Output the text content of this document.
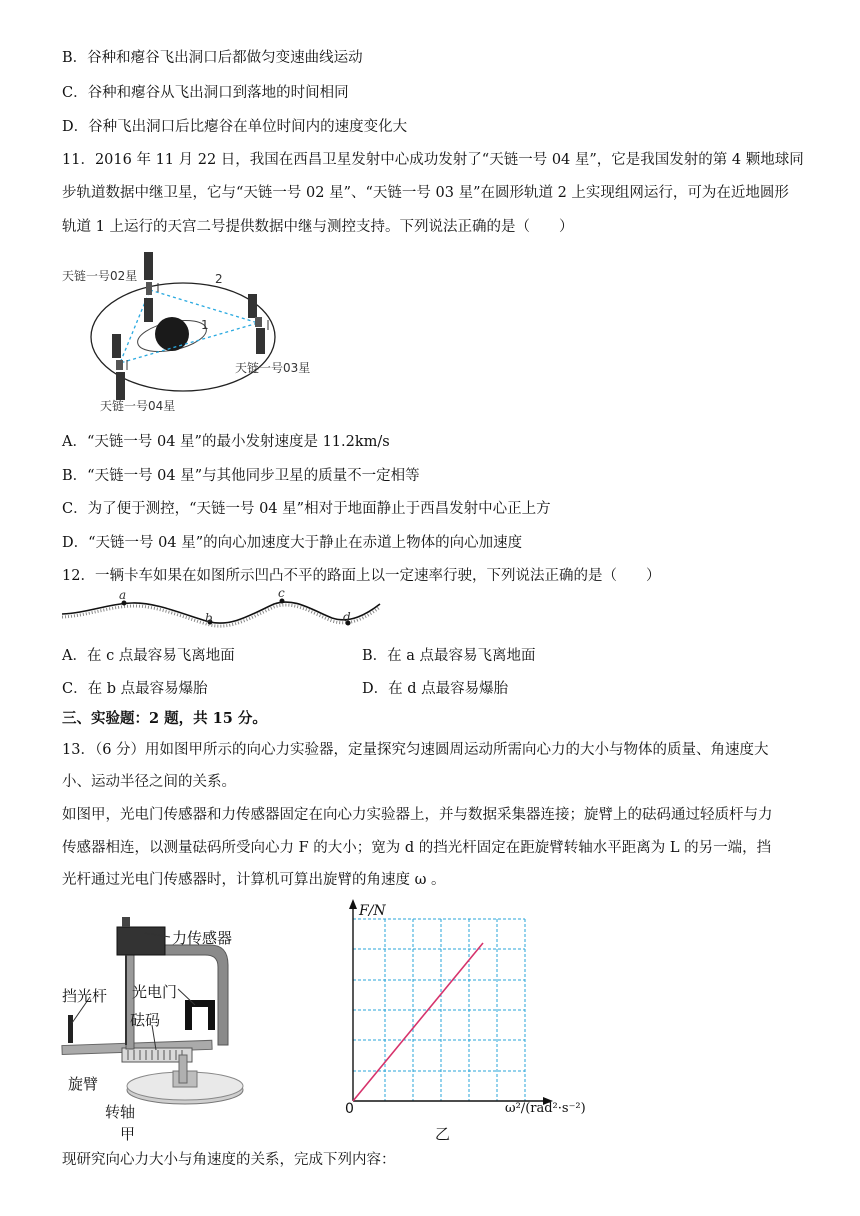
B．谷种和瘪谷飞出洞口后都做匀变速曲线运动
C．谷种和瘪谷从飞出洞口到落地的时间相同
D．谷种飞出洞口后比瘪谷在单位时间内的速度变化大
11．2016 年 11 月 22 日，我国在西昌卫星发射中心成功发射了“天链一号 04 星”，它是我国发射的第 4 颗地球同
步轨道数据中继卫星，它与“天链一号 02 星”、“天链一号 03 星”在圆形轨道 2 上实现组网运行，可为在近地圆形
轨道 1 上运行的天宫二号提供数据中继与测控支持。下列说法正确的是（　　）
天链一号02星	2
1
天链一号03星
天链一号04星
A．“天链一号 04 星”的最小发射速度是 11.2km/s
B．“天链一号 04 星”与其他同步卫星的质量不一定相等
C．为了便于测控，“天链一号 04 星”相对于地面静止于西昌发射中心正上方
D．“天链一号 04 星”的向心加速度大于静止在赤道上物体的向心加速度
12．一辆卡车如果在如图所示凹凸不平的路面上以一定速率行驶，下列说法正确的是（　　）
a
b
c
d
A．在 c 点最容易飞离地面	B．在 a 点最容易飞离地面
C．在 b 点最容易爆胎	D．在 d 点最容易爆胎
三、实验题：2 题，共 15 分。
13．（6 分）用如图甲所示的向心力实验器，定量探究匀速圆周运动所需向心力的大小与物体的质量、角速度大
小、运动半径之间的关系。
如图甲，光电门传感器和力传感器固定在向心力实验器上，并与数据采集器连接；旋臂上的砝码通过轻质杆与力
传感器相连，以测量砝码所受向心力 F 的大小；宽为 d 的挡光杆固定在距旋臂转轴水平距离为 L 的另一端，挡
光杆通过光电门传感器时，计算机可算出旋臂的角速度 ω 。
力传感器
挡光杆 光电门
砝码
旋臂
转轴
甲
F/N
0	ω²/(rad²·s⁻²)
乙
现研究向心力大小与角速度的关系，完成下列内容：
